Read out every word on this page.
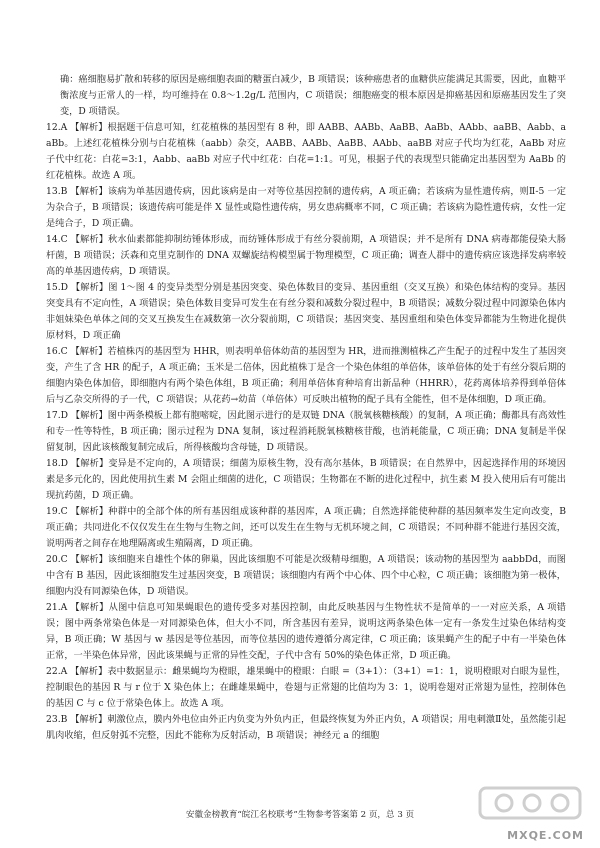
确：癌细胞易扩散和转移的原因是癌细胞表面的糖蛋白减少，B 项错误；该种癌患者的血糖供应能满足其需要，因此，血糖平衡浓度与正常人的一样，均可维持在 0.8～1.2g/L 范围内，C 项错误；细胞癌变的根本原因是抑癌基因和原癌基因发生了突变，D 项错误。

12.A 【解析】根据题干信息可知，红花植株的基因型有 8 种，即 AABB、AABb、AaBB、AaBb、AAbb、aaBB、Aabb、aaBb。上述红花植株分别与白花植株（aabb）杂交，AABB、AABb、AaBB、AAbb、aaBB 对应子代均为红花，AaBb 对应子代中红花：白花=3:1，Aabb、aaBb 对应子代中红花：白花=1:1。可见，根据子代的表现型只能确定出基因型为 AaBb 的红花植株。故选 A 项。

13.B 【解析】该病为单基因遗传病，因此该病是由一对等位基因控制的遗传病，A 项正确；若该病为显性遗传病，则Ⅱ-5 一定为杂合子，B 项错误；该遗传病可能是伴 X 显性或隐性遗传病，男女患病概率不同，C 项正确；若该病为隐性遗传病，女性一定是纯合子，D 项正确。

14.C 【解析】秋水仙素都能抑制纺锤体形成，而纺锤体形成于有丝分裂前期，A 项错误；并不是所有 DNA 病毒都能侵染大肠杆菌，B 项错误；沃森和克里克制作的 DNA 双螺旋结构模型属于物理模型，C 项正确；调查人群中的遗传病应该选择发病率较高的单基因遗传病，D 项错误。

15.D 【解析】图 1～图 4 的变异类型分别是基因突变、染色体数目的变异、基因重组（交叉互换）和染色体结构的变异。基因突变具有不定向性，A 项错误；染色体数目变异可发生在有丝分裂和减数分裂过程中，B 项错误；减数分裂过程中同源染色体内非姐妹染色单体之间的交叉互换发生在减数第一次分裂前期，C 项错误；基因突变、基因重组和染色体变异都能为生物进化提供原材料，D 项正确

16.C 【解析】若植株丙的基因型为 HHR，则表明单倍体幼苗的基因型为 HR，进而推测植株乙产生配子的过程中发生了基因突变，产生了含 HR 的配子，A 项正确；玉米是二倍体，因此植株丁是含一个染色体组的单倍体，该单倍体的处于有丝分裂后期的细胞内染色体加倍，即细胞内有两个染色体组，B 项正确；利用单倍体育种培育出新品种（HHRR），花药离体培养得到单倍体后与乙杂交所得的子一代，C 项错误；从花药→幼苗（单倍体）可反映出植物的配子具有全能性，但不是体细胞，D 项正确。

17.D 【解析】图中两条模板上都有胞嘧啶，因此图示进行的是双链 DNA（脱氧核糖核酸）的复制，A 项正确；酶都具有高效性和专一性等特性，B 项正确；图示过程为 DNA 复制，该过程消耗脱氧核糖核苷酸，也消耗能量，C 项正确；DNA 复制是半保留复制，因此该核酸复制完成后，所得核酸均含母链，D 项错误。

18.D 【解析】变异是不定向的，A 项错误；细菌为原核生物，没有高尔基体，B 项错误；在自然界中，因起选择作用的环境因素是多元化的，因此使用抗生素 M 会阻止细菌的进化，C 项错误；生物都在不断的进化过程中，抗生素 M 投入使用后有可能出现抗药菌，D 项正确。

19.C 【解析】种群中的全部个体的所有基因组成该种群的基因库，A 项正确；自然选择能使种群的基因频率发生定向改变，B 项正确；共同进化不仅仅发生在生物与生物之间，还可以发生在生物与无机环境之间，C 项错误；不同种群不能进行基因交流，说明两者之间存在地理隔离或生殖隔离，D 项正确。

20.C 【解析】该细胞来自雄性个体的卵巢，因此该细胞不可能是次级精母细胞，A 项错误；该动物的基因型为 aabbDd，而图中含有 B 基因，因此该细胞发生过基因突变，B 项错误；该细胞内有两个中心体、四个中心粒，C 项正确；该细胞为第一极体，细胞内没有同源染色体，D 项错误。

21.A 【解析】从图中信息可知果蝇眼色的遗传受多对基因控制，由此反映基因与生物性状不是简单的一一对应关系，A 项错误；图中两条常染色体是一对同源染色体，但大小不同，所含基因有差异，说明这两条染色体一定有一条发生过染色体结构变异，B 项正确；W 基因与 w 基因是等位基因，而等位基因的遗传遵循分离定律，C 项正确；该果蝇产生的配子中有一半染色体正常，一半染色体异常，因此该果蝇与正常的异性交配，子代中含有 50%的染色体正常，D 项正确。

22.A 【解析】表中数据显示：雌果蝇均为橙眼，雄果蝇中的橙眼：白眼 =（3+1）：（3+1）=1：1，说明橙眼对白眼为显性，控制眼色的基因 R 与 r 位于 X 染色体上；在雌雄果蝇中，卷翅与正常翅的比值均为 3：1，说明卷翅对正常翅为显性，控制体色的基因 C 与 c 位于常染色体上。故选 A 项。

23.B 【解析】刺激位点，膜内外电位由外正内负变为外负内正，但最终恢复为外正内负，A 项错误；用电刺激Ⅱ处，虽然能引起肌肉收缩，但反射弧不完整，因此不能称为反射活动，B 项错误；神经元 a 的细胞

安徽金榜教育“皖江名校联考”生物参考答案第 2 页，总 3 页
MXQE.COM
